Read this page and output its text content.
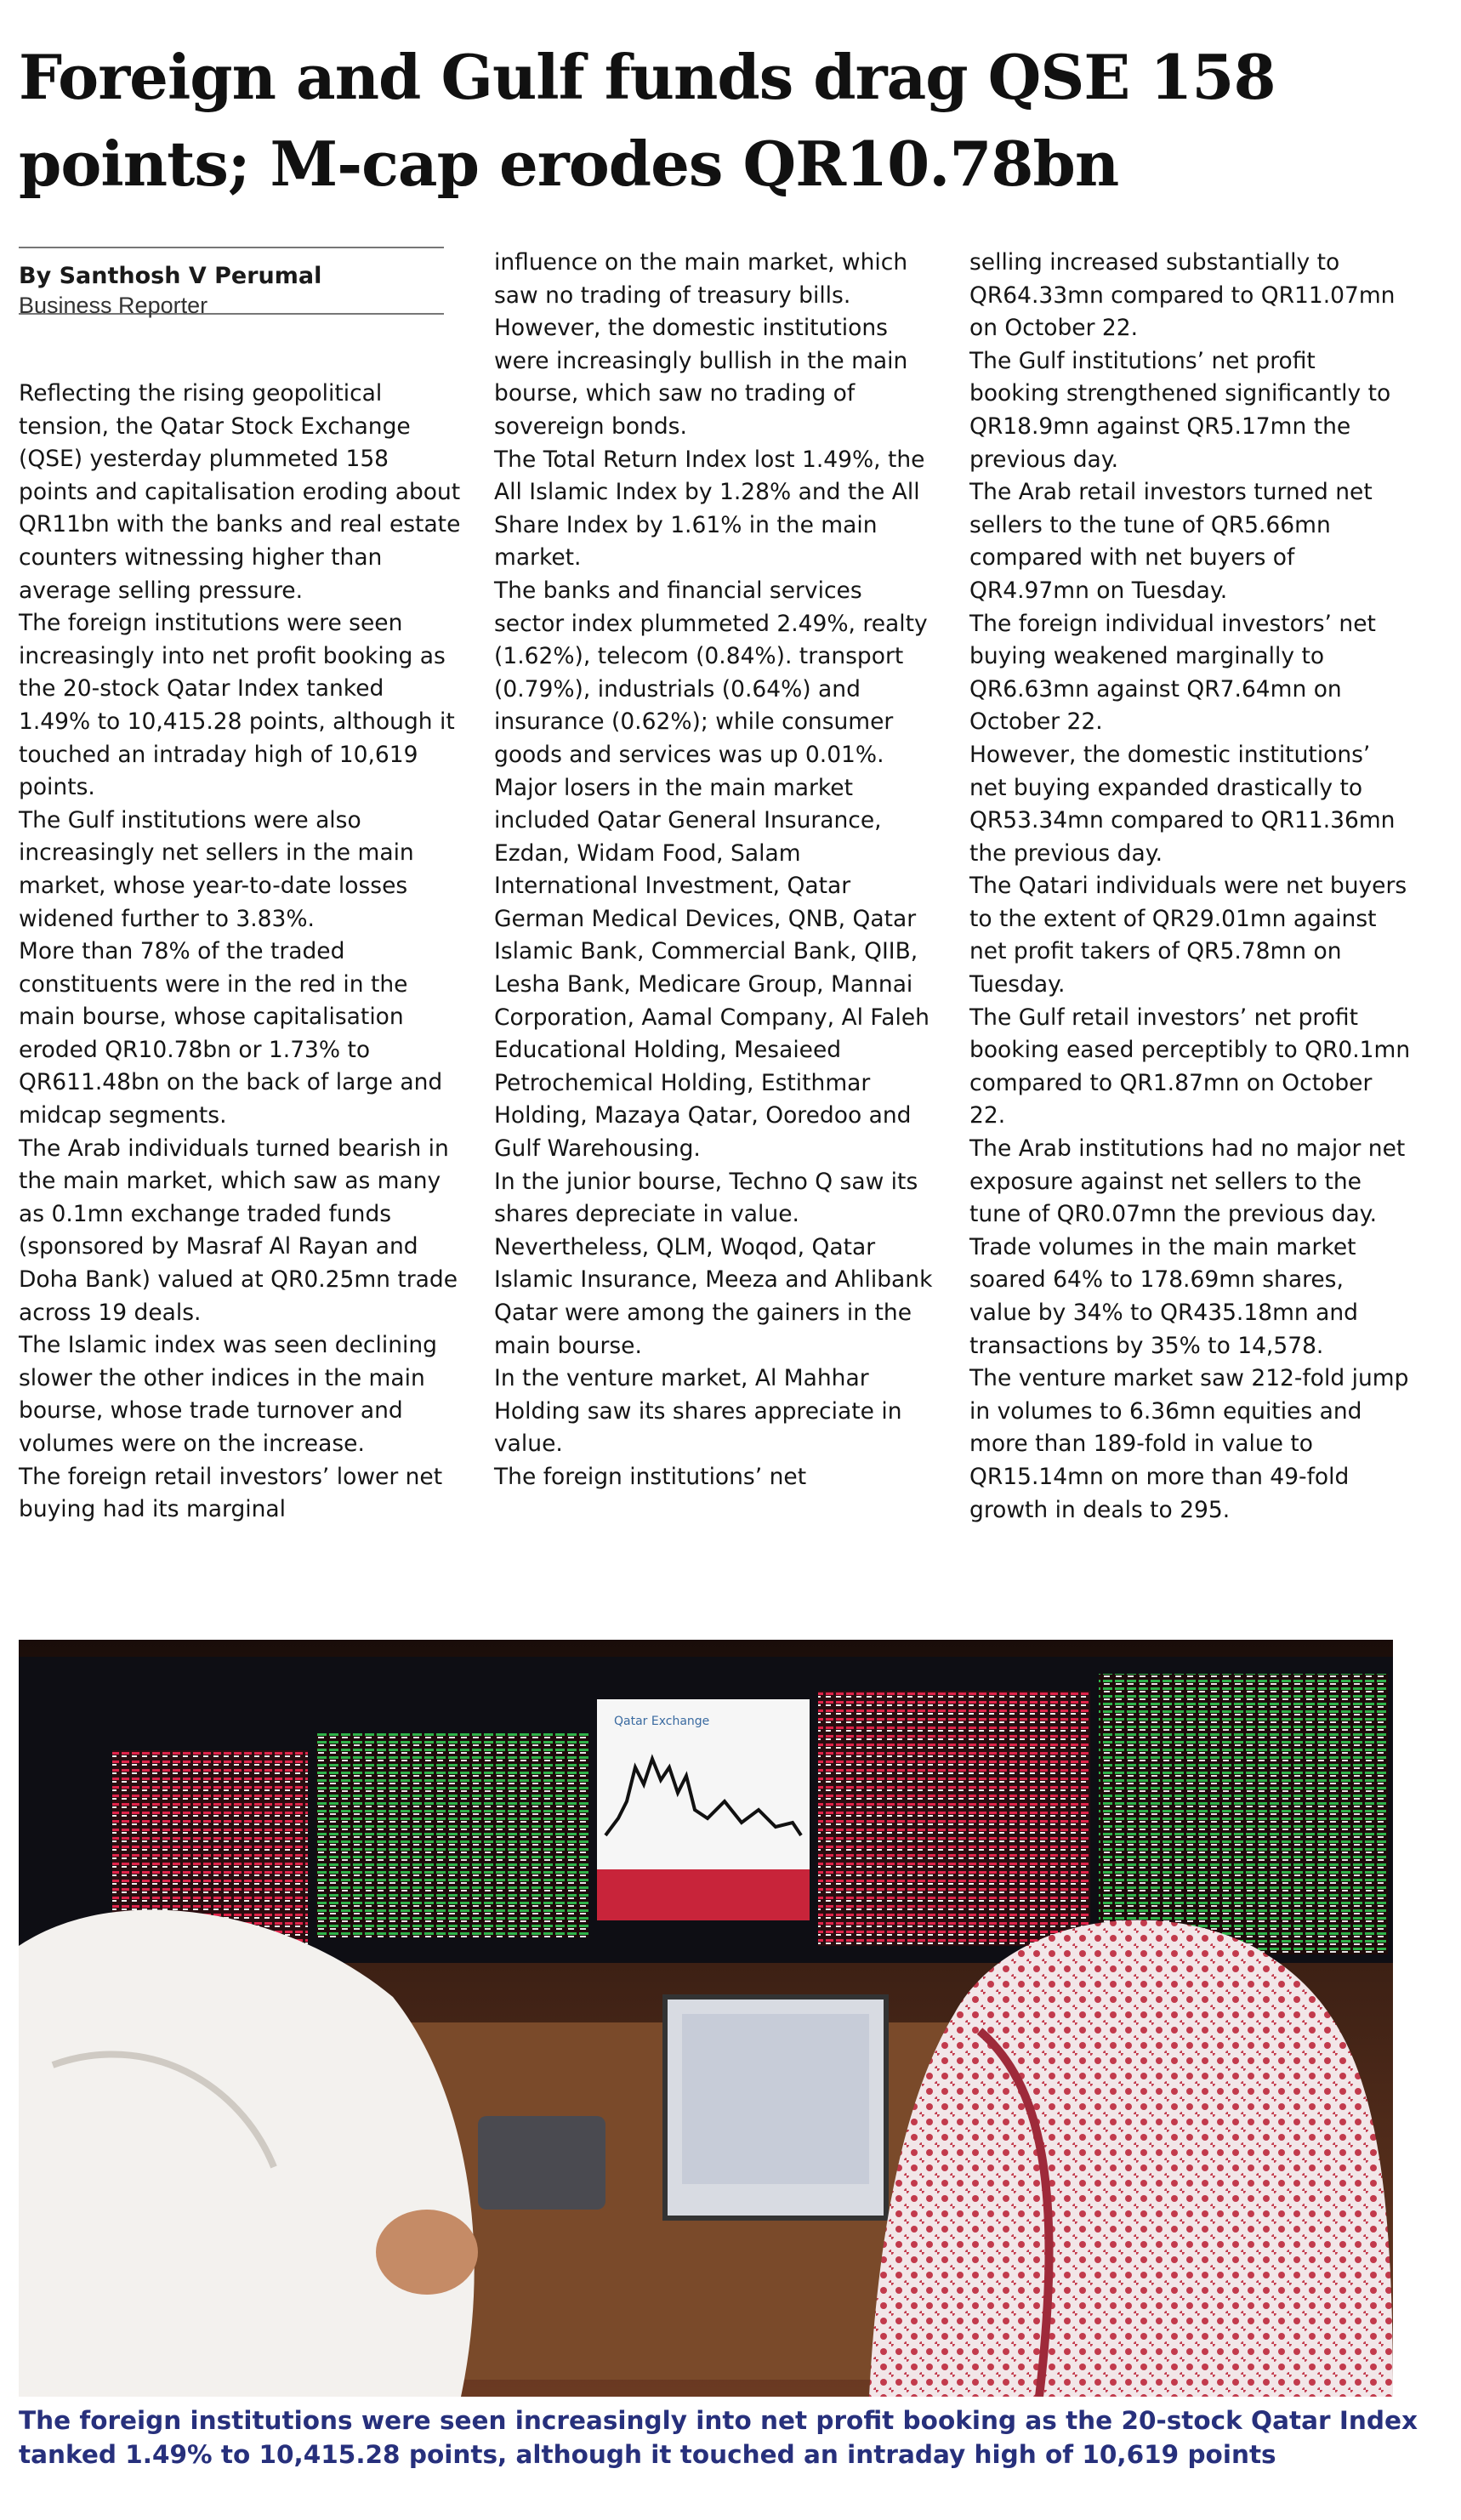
Foreign and Gulf funds drag QSE 158 points; M-cap erodes QR10.78bn
By Santhosh V Perumal
Business Reporter

Reflecting the rising geopolitical tension, the Qatar Stock Exchange (QSE) yesterday plummeted 158 points and capitalisation eroding about QR11bn with the banks and real estate counters witnessing higher than average selling pressure.
The foreign institutions were seen increasingly into net profit booking as the 20-stock Qatar Index tanked 1.49% to 10,415.28 points, although it touched an intraday high of 10,619 points.
The Gulf institutions were also increasingly net sellers in the main market, whose year-to-date losses widened further to 3.83%.
More than 78% of the traded constituents were in the red in the main bourse, whose capitalisation eroded QR10.78bn or 1.73% to QR611.48bn on the back of large and midcap segments.
The Arab individuals turned bearish in the main market, which saw as many as 0.1mn exchange traded funds (sponsored by Masraf Al Rayan and Doha Bank) valued at QR0.25mn trade across 19 deals.
The Islamic index was seen declining slower the other indices in the main bourse, whose trade turnover and volumes were on the increase.
The foreign retail investors’ lower net buying had its marginal

influence on the main market, which saw no trading of treasury bills.
However, the domestic institutions were increasingly bullish in the main bourse, which saw no trading of sovereign bonds.
The Total Return Index lost 1.49%, the All Islamic Index by 1.28% and the All Share Index by 1.61% in the main market.
The banks and financial services sector index plummeted 2.49%, realty (1.62%), telecom (0.84%). transport (0.79%), industrials (0.64%) and insurance (0.62%); while consumer goods and services was up 0.01%.
Major losers in the main market included Qatar General Insurance, Ezdan, Widam Food, Salam International Investment, Qatar German Medical Devices, QNB, Qatar Islamic Bank, Commercial Bank, QIIB, Lesha Bank, Medicare Group, Mannai Corporation, Aamal Company, Al Faleh Educational Holding, Mesaieed Petrochemical Holding, Estithmar Holding, Mazaya Qatar, Ooredoo and Gulf Warehousing.
In the junior bourse, Techno Q saw its shares depreciate in value.
Nevertheless, QLM, Woqod, Qatar Islamic Insurance, Meeza and Ahlibank Qatar were among the gainers in the main bourse.
In the venture market, Al Mahhar Holding saw its shares appreciate in value.
The foreign institutions’ net

selling increased substantially to QR64.33mn compared to QR11.07mn on October 22.
The Gulf institutions’ net profit booking strengthened significantly to QR18.9mn against QR5.17mn the previous day.
The Arab retail investors turned net sellers to the tune of QR5.66mn compared with net buyers of QR4.97mn on Tuesday.
The foreign individual investors’ net buying weakened marginally to QR6.63mn against QR7.64mn on October 22.
However, the domestic institutions’ net buying expanded drastically to QR53.34mn compared to QR11.36mn the previous day.
The Qatari individuals were net buyers to the extent of QR29.01mn against net profit takers of QR5.78mn on Tuesday.
The Gulf retail investors’ net profit booking eased perceptibly to QR0.1mn compared to QR1.87mn on October 22.
The Arab institutions had no major net exposure against net sellers to the tune of QR0.07mn the previous day.
Trade volumes in the main market soared 64% to 178.69mn shares, value by 34% to QR435.18mn and transactions by 35% to 14,578.
The venture market saw 212-fold jump in volumes to 6.36mn equities and more than 189-fold in value to QR15.14mn on more than 49-fold growth in deals to 295.

Qatar Exchange

The foreign institutions were seen increasingly into net profit booking as the 20-stock Qatar Index tanked 1.49% to 10,415.28 points, although it touched an intraday high of 10,619 points
